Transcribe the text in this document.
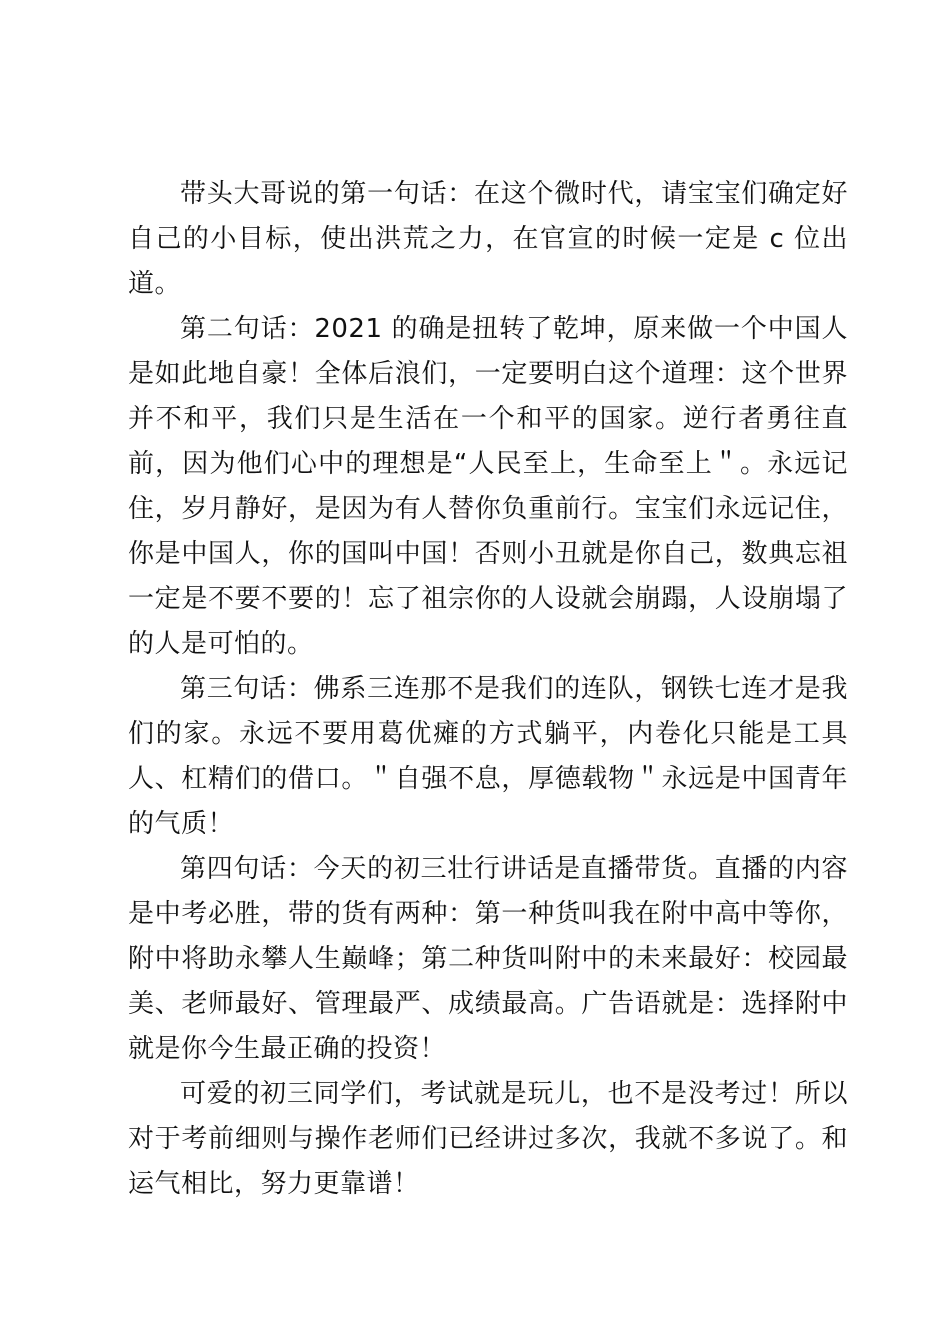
带头大哥说的第一句话：在这个微时代，请宝宝们确定好自己的小目标，使出洪荒之力，在官宣的时候一定是 c 位出道。

第二句话：2021 的确是扭转了乾坤，原来做一个中国人是如此地自豪！全体后浪们，一定要明白这个道理：这个世界并不和平，我们只是生活在一个和平的国家。逆行者勇往直前，因为他们心中的理想是“人民至上，生命至上＂。永远记住，岁月静好，是因为有人替你负重前行。宝宝们永远记住，你是中国人，你的国叫中国！否则小丑就是你自己，数典忘祖一定是不要不要的！忘了祖宗你的人设就会崩蹋，人设崩塌了的人是可怕的。

第三句话：佛系三连那不是我们的连队，钢铁七连才是我们的家。永远不要用葛优瘫的方式躺平，内卷化只能是工具人、杠精们的借口。＂自强不息，厚德载物＂永远是中国青年的气质！

第四句话：今天的初三壮行讲话是直播带货。直播的内容是中考必胜，带的货有两种：第一种货叫我在附中高中等你，附中将助永攀人生巅峰；第二种货叫附中的未来最好：校园最美、老师最好、管理最严、成绩最高。广告语就是：选择附中就是你今生最正确的投资！

可爱的初三同学们，考试就是玩儿，也不是没考过！所以对于考前细则与操作老师们已经讲过多次，我就不多说了。和运气相比，努力更靠谱！
